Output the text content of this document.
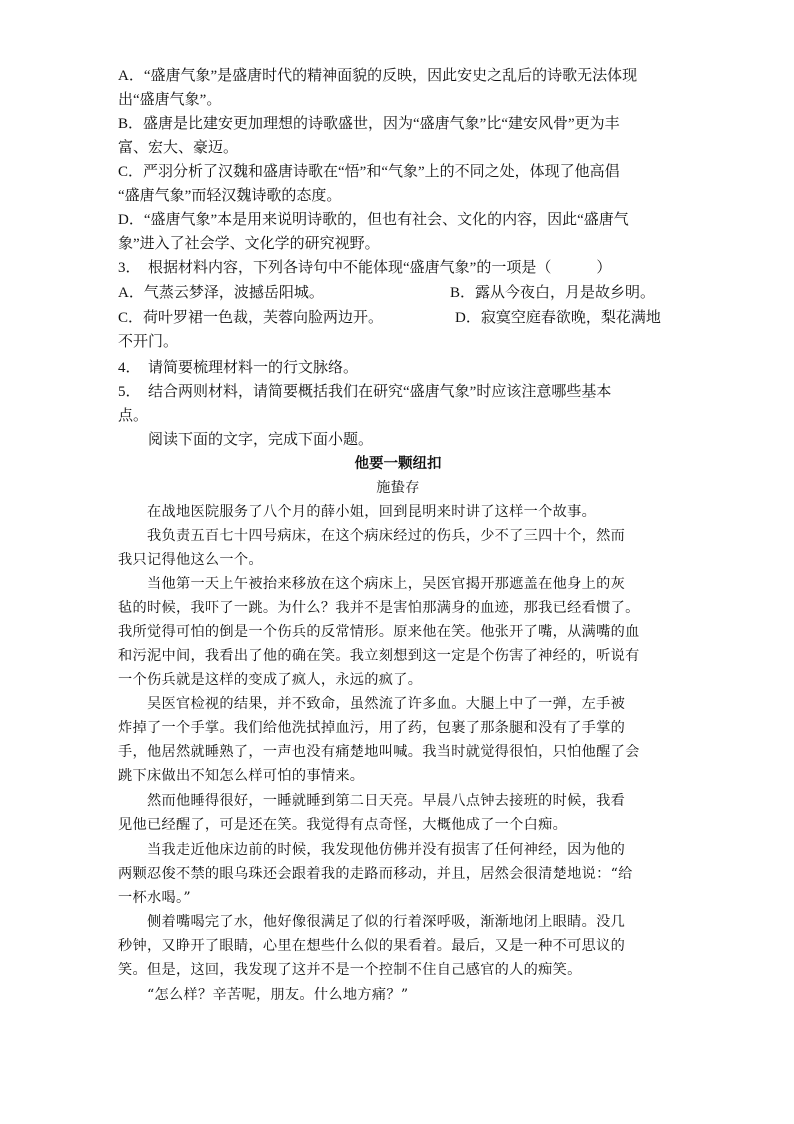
A．“盛唐气象”是盛唐时代的精神面貌的反映，因此安史之乱后的诗歌无法体现
出“盛唐气象”。
B．盛唐是比建安更加理想的诗歌盛世，因为“盛唐气象”比“建安风骨”更为丰
富、宏大、豪迈。
C．严羽分析了汉魏和盛唐诗歌在“悟”和“气象”上的不同之处，体现了他高倡
“盛唐气象”而轻汉魏诗歌的态度。
D．“盛唐气象”本是用来说明诗歌的，但也有社会、文化的内容，因此“盛唐气
象”进入了社会学、文化学的研究视野。
3．　根据材料内容，下列各诗句中不能体现“盛唐气象”的一项是（　　　）
A．气蒸云梦泽，波撼岳阳城。	B．露从今夜白，月是故乡明。
C．荷叶罗裙一色裁，芙蓉向脸两边开。	D．寂寞空庭春欲晚，梨花满地
不开门。
4．　请简要梳理材料一的行文脉络。
5．　结合两则材料，请简要概括我们在研究“盛唐气象”时应该注意哪些基本
点。
阅读下面的文字，完成下面小题。
他要一颗纽扣
施蛰存
　　在战地医院服务了八个月的薛小姐，回到昆明来时讲了这样一个故事。
　　我负责五百七十四号病床，在这个病床经过的伤兵，少不了三四十个，然而
我只记得他这么一个。
　　当他第一天上午被抬来移放在这个病床上，吴医官揭开那遮盖在他身上的灰
毡的时候，我吓了一跳。为什么？我并不是害怕那满身的血迹，那我已经看惯了。
我所觉得可怕的倒是一个伤兵的反常情形。原来他在笑。他张开了嘴，从满嘴的血
和污泥中间，我看出了他的确在笑。我立刻想到这一定是个伤害了神经的，听说有
一个伤兵就是这样的变成了疯人，永远的疯了。
　　吴医官检视的结果，并不致命，虽然流了许多血。大腿上中了一弹，左手被
炸掉了一个手掌。我们给他洗拭掉血污，用了药，包裹了那条腿和没有了手掌的
手，他居然就睡熟了，一声也没有痛楚地叫喊。我当时就觉得很怕，只怕他醒了会
跳下床做出不知怎么样可怕的事情来。
　　然而他睡得很好，一睡就睡到第二日天亮。早晨八点钟去接班的时候，我看
见他已经醒了，可是还在笑。我觉得有点奇怪，大概他成了一个白痴。
　　当我走近他床边前的时候，我发现他仿佛并没有损害了任何神经，因为他的
两颗忍俊不禁的眼乌珠还会跟着我的走路而移动，并且，居然会很清楚地说：“给
一杯水喝。”
　　侧着嘴喝完了水，他好像很满足了似的行着深呼吸，渐渐地闭上眼睛。没几
秒钟，又睁开了眼睛，心里在想些什么似的果看着。最后，又是一种不可思议的
笑。但是，这回，我发现了这并不是一个控制不住自己感官的人的痴笑。
　　“怎么样？辛苦呢，朋友。什么地方痛？”
